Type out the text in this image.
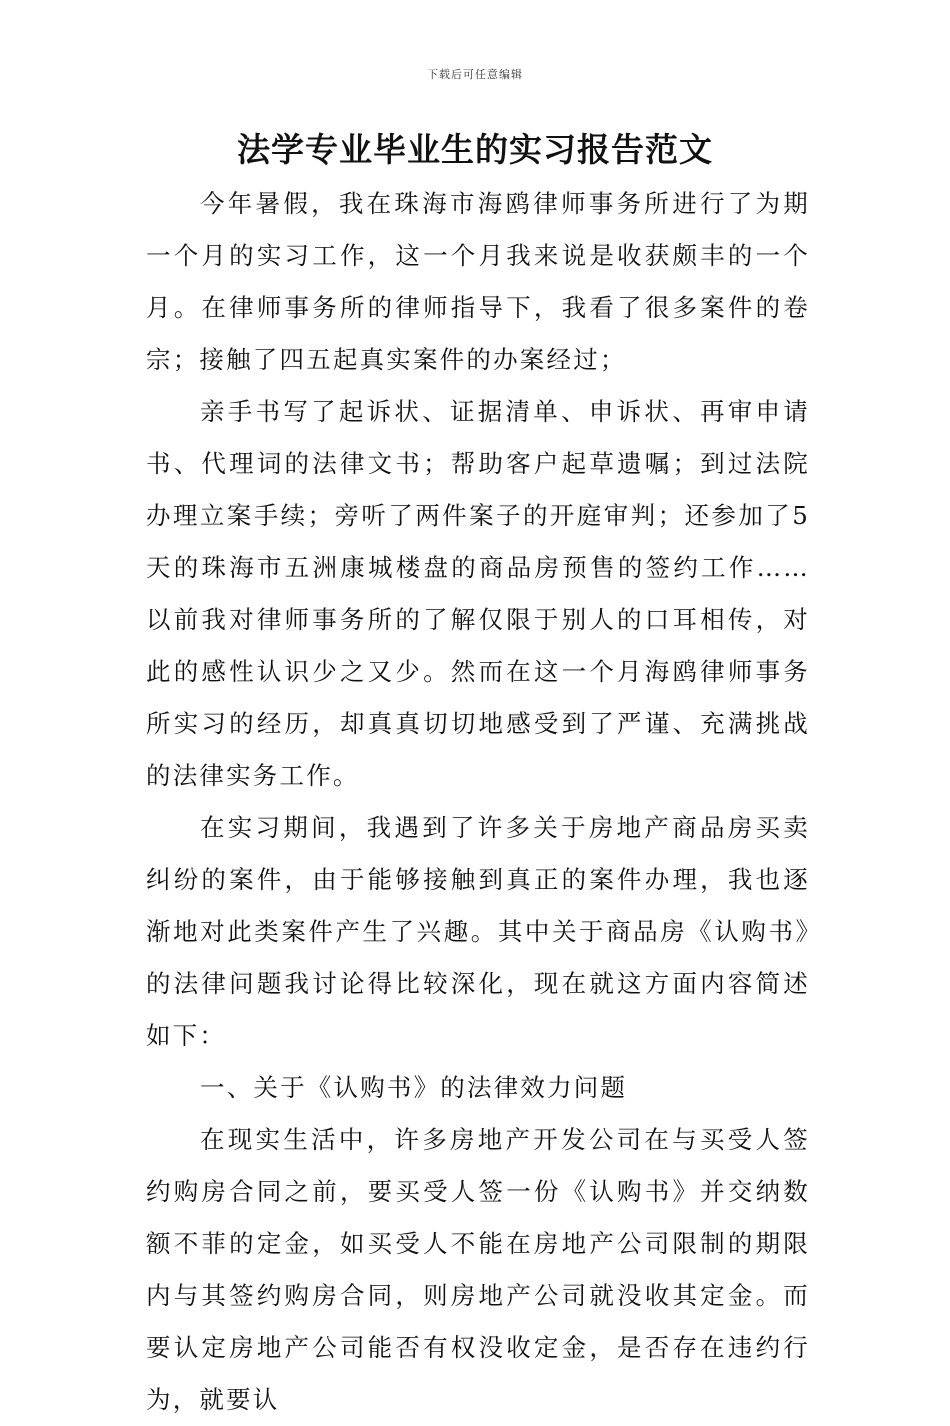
下载后可任意编辑
法学专业毕业生的实习报告范文

今年暑假，我在珠海市海鸥律师事务所进行了为期一个月的实习工作，这一个月我来说是收获颇丰的一个月。在律师事务所的律师指导下，我看了很多案件的卷宗；接触了四五起真实案件的办案经过；

亲手书写了起诉状、证据清单、申诉状、再审申请书、代理词的法律文书；帮助客户起草遗嘱；到过法院办理立案手续；旁听了两件案子的开庭审判；还参加了5天的珠海市五洲康城楼盘的商品房预售的签约工作……以前我对律师事务所的了解仅限于别人的口耳相传，对此的感性认识少之又少。然而在这一个月海鸥律师事务所实习的经历，却真真切切地感受到了严谨、充满挑战的法律实务工作。

在实习期间，我遇到了许多关于房地产商品房买卖纠纷的案件，由于能够接触到真正的案件办理，我也逐渐地对此类案件产生了兴趣。其中关于商品房《认购书》的法律问题我讨论得比较深化，现在就这方面内容简述如下：

一、关于《认购书》的法律效力问题

在现实生活中，许多房地产开发公司在与买受人签约购房合同之前，要买受人签一份《认购书》并交纳数额不菲的定金，如买受人不能在房地产公司限制的期限内与其签约购房合同，则房地产公司就没收其定金。而要认定房地产公司能否有权没收定金，是否存在违约行为，就要认
